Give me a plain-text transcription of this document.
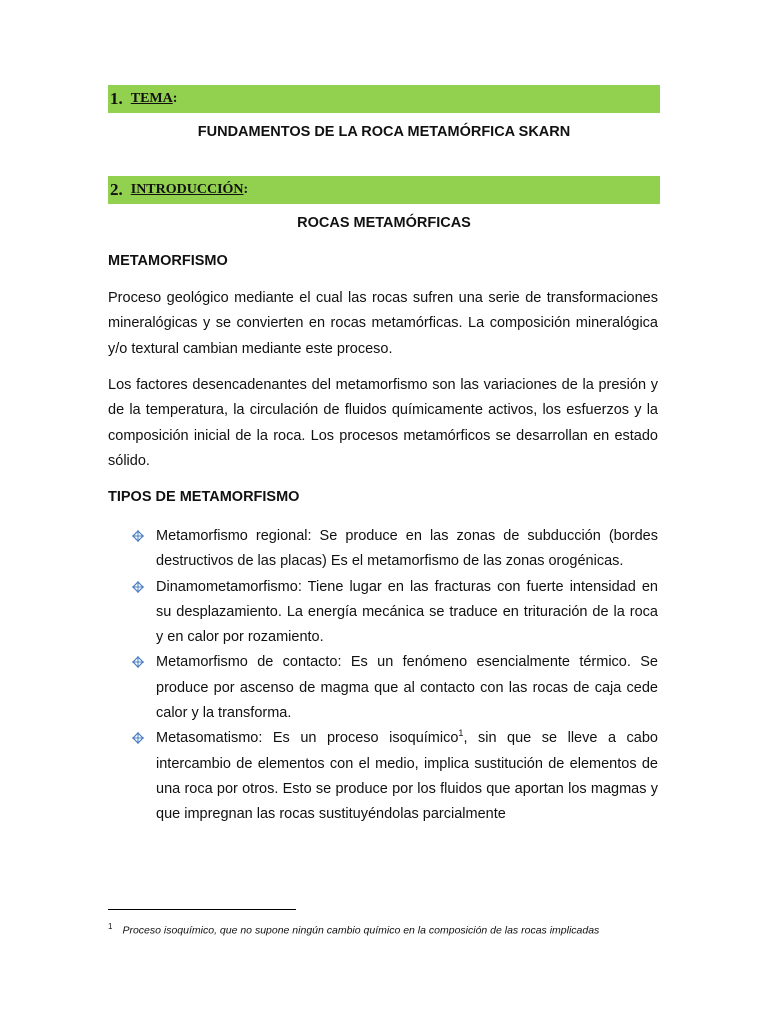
1. TEMA :
FUNDAMENTOS DE LA ROCA METAMÓRFICA SKARN
2. INTRODUCCIÓN :
ROCAS METAMÓRFICAS
METAMORFISMO

Proceso geológico mediante el cual las rocas sufren una serie de transformaciones mineralógicas y se convierten en rocas metamórficas. La composición mineralógica y/o textural cambian mediante este proceso.

Los factores desencadenantes del metamorfismo son las variaciones de la presión y de la temperatura, la circulación de fluidos químicamente activos, los esfuerzos y la composición inicial de la roca. Los procesos metamórficos se desarrollan en estado sólido.

TIPOS DE METAMORFISMO
Metamorfismo regional: Se produce en las zonas de subducción (bordes destructivos de las placas) Es el metamorfismo de las zonas orogénicas.
Dinamometamorfismo: Tiene lugar en las fracturas con fuerte intensidad en su desplazamiento. La energía mecánica se traduce en trituración de la roca y en calor por rozamiento.
Metamorfismo de contacto: Es un fenómeno esencialmente térmico. Se produce por ascenso de magma que al contacto con las rocas de caja cede calor y la transforma.
Metasomatismo: Es un proceso isoquímico$^1$, sin que se lleve a cabo intercambio de elementos con el medio, implica sustitución de elementos de una roca por otros. Esto se produce por los fluidos que aportan los magmas y que impregnan las rocas sustituyéndolas parcialmente
$^1$ Proceso isoquímico, que no supone ningún cambio químico en la composición de las rocas implicadas
